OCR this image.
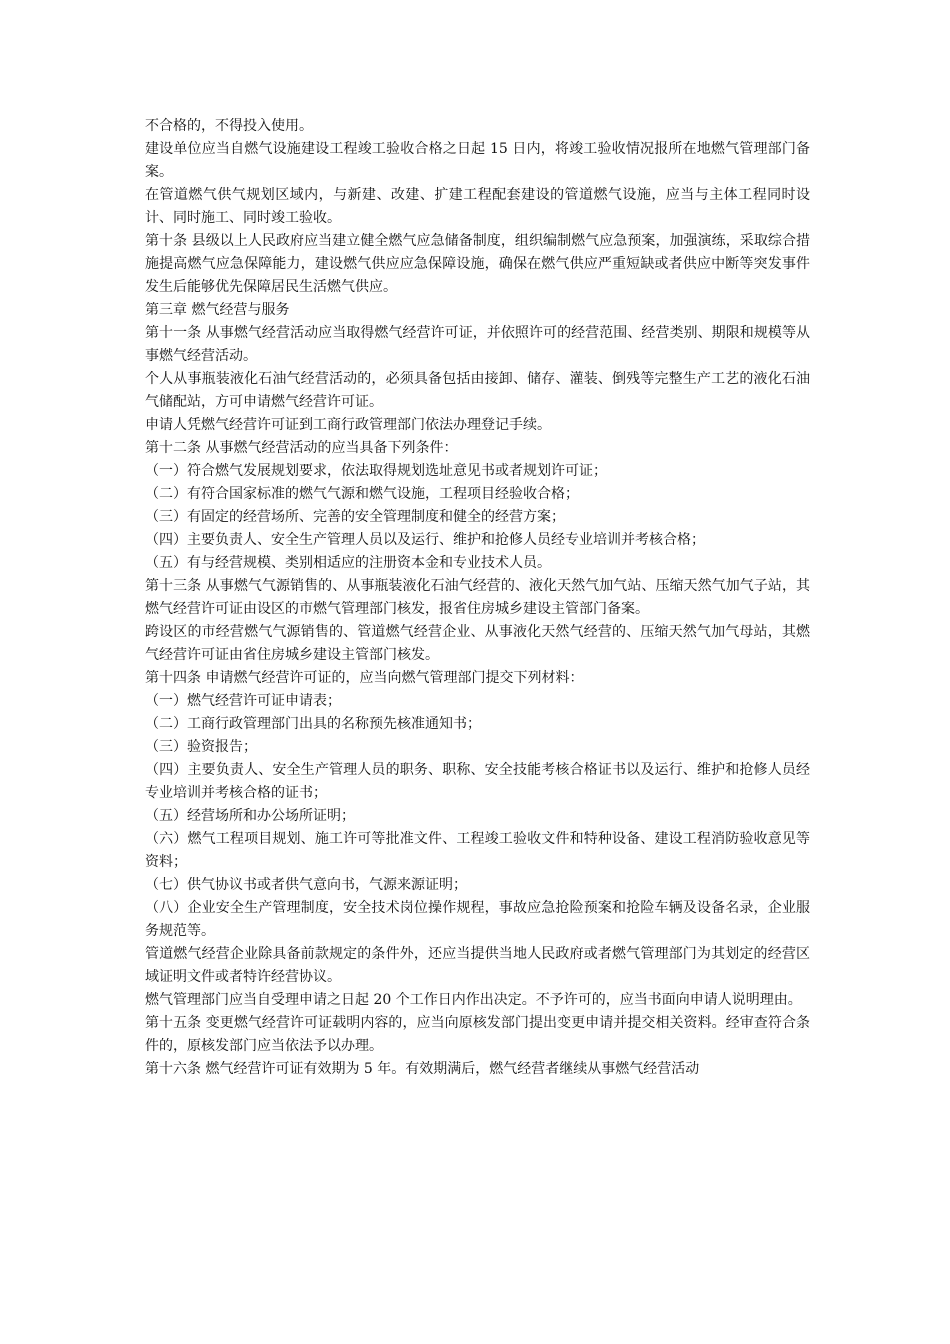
不合格的，不得投入使用。

建设单位应当自燃气设施建设工程竣工验收合格之日起 15 日内，将竣工验收情况报所在地燃气管理部门备案。

在管道燃气供气规划区域内，与新建、改建、扩建工程配套建设的管道燃气设施，应当与主体工程同时设计、同时施工、同时竣工验收。

第十条 县级以上人民政府应当建立健全燃气应急储备制度，组织编制燃气应急预案，加强演练，采取综合措施提高燃气应急保障能力，建设燃气供应应急保障设施，确保在燃气供应严重短缺或者供应中断等突发事件发生后能够优先保障居民生活燃气供应。

第三章 燃气经营与服务

第十一条 从事燃气经营活动应当取得燃气经营许可证，并依照许可的经营范围、经营类别、期限和规模等从事燃气经营活动。

个人从事瓶装液化石油气经营活动的，必须具备包括由接卸、储存、灌装、倒残等完整生产工艺的液化石油气储配站，方可申请燃气经营许可证。

申请人凭燃气经营许可证到工商行政管理部门依法办理登记手续。

第十二条 从事燃气经营活动的应当具备下列条件：

（一）符合燃气发展规划要求，依法取得规划选址意见书或者规划许可证；

（二）有符合国家标准的燃气气源和燃气设施，工程项目经验收合格；

（三）有固定的经营场所、完善的安全管理制度和健全的经营方案；

（四）主要负责人、安全生产管理人员以及运行、维护和抢修人员经专业培训并考核合格；

（五）有与经营规模、类别相适应的注册资本金和专业技术人员。

第十三条 从事燃气气源销售的、从事瓶装液化石油气经营的、液化天然气加气站、压缩天然气加气子站，其燃气经营许可证由设区的市燃气管理部门核发，报省住房城乡建设主管部门备案。

跨设区的市经营燃气气源销售的、管道燃气经营企业、从事液化天然气经营的、压缩天然气加气母站，其燃气经营许可证由省住房城乡建设主管部门核发。

第十四条 申请燃气经营许可证的，应当向燃气管理部门提交下列材料：

（一）燃气经营许可证申请表；

（二）工商行政管理部门出具的名称预先核准通知书；

（三）验资报告；

（四）主要负责人、安全生产管理人员的职务、职称、安全技能考核合格证书以及运行、维护和抢修人员经专业培训并考核合格的证书；

（五）经营场所和办公场所证明；

（六）燃气工程项目规划、施工许可等批准文件、工程竣工验收文件和特种设备、建设工程消防验收意见等资料；

（七）供气协议书或者供气意向书，气源来源证明；

（八）企业安全生产管理制度，安全技术岗位操作规程，事故应急抢险预案和抢险车辆及设备名录，企业服务规范等。

管道燃气经营企业除具备前款规定的条件外，还应当提供当地人民政府或者燃气管理部门为其划定的经营区域证明文件或者特许经营协议。

燃气管理部门应当自受理申请之日起 20 个工作日内作出决定。不予许可的，应当书面向申请人说明理由。

第十五条 变更燃气经营许可证载明内容的，应当向原核发部门提出变更申请并提交相关资料。经审查符合条件的，原核发部门应当依法予以办理。

第十六条 燃气经营许可证有效期为 5 年。有效期满后，燃气经营者继续从事燃气经营活动
